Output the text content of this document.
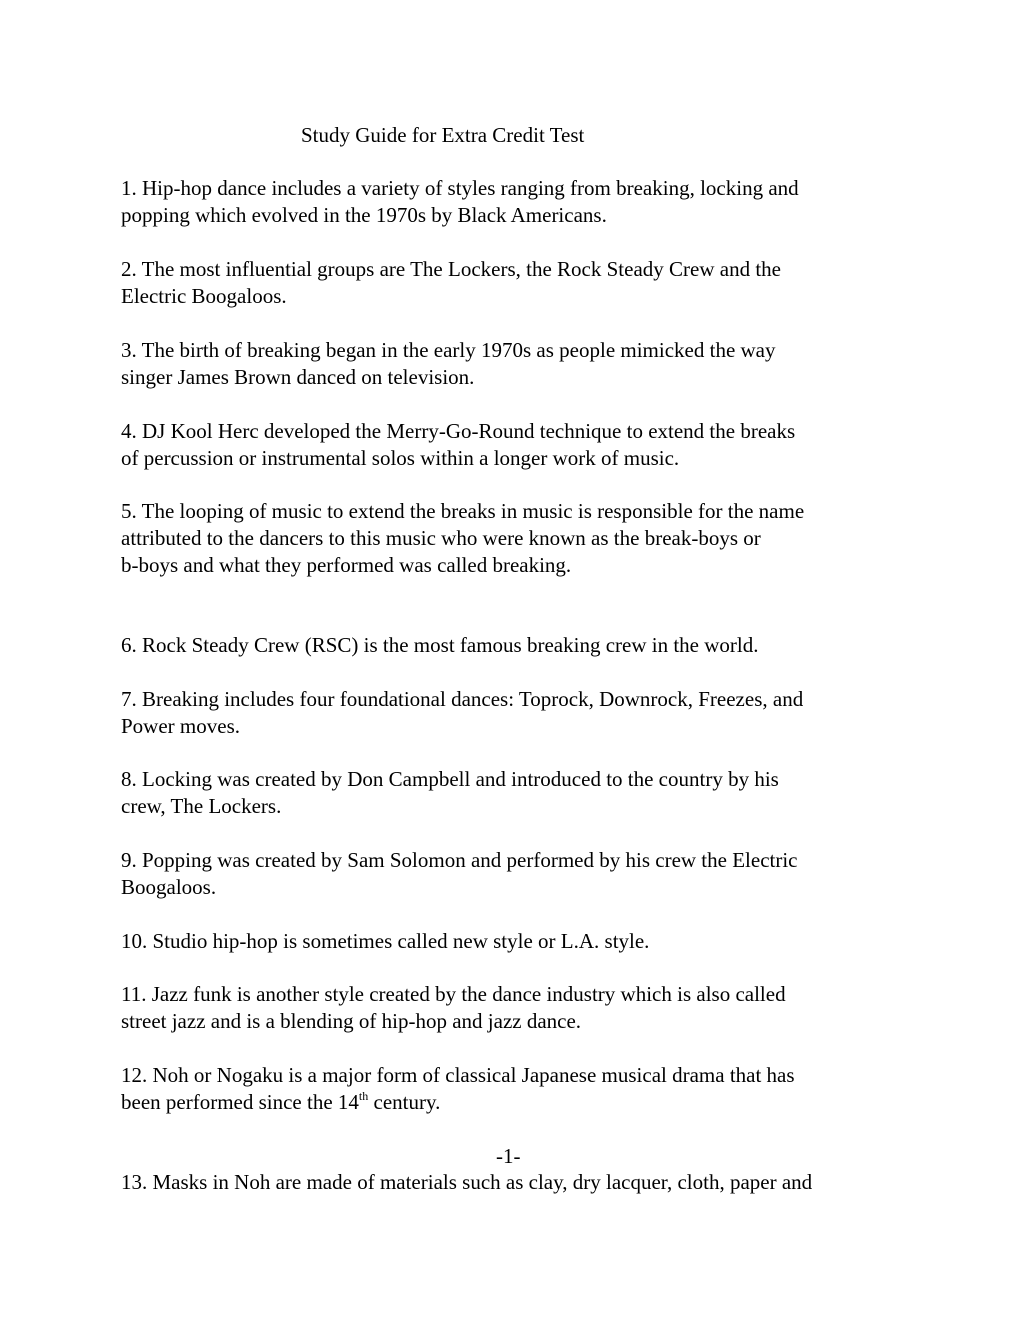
Study Guide for Extra Credit Test
1. Hip-hop dance includes a variety of styles ranging from breaking, locking and
popping which evolved in the 1970s by Black Americans.
2. The most influential groups are The Lockers, the Rock Steady Crew and the
Electric Boogaloos.
3. The birth of breaking began in the early 1970s as people mimicked the way
singer James Brown danced on television.
4. DJ Kool Herc developed the Merry-Go-Round technique to extend the breaks
of percussion or instrumental solos within a longer work of music.
5. The looping of music to extend the breaks in music is responsible for the name
attributed to the dancers to this music who were known as the break-boys or
b-boys and what they performed was called breaking.
6. Rock Steady Crew (RSC) is the most famous breaking crew in the world.
7. Breaking includes four foundational dances: Toprock, Downrock, Freezes, and
Power moves.
8. Locking was created by Don Campbell and introduced to the country by his
crew, The Lockers.
9. Popping was created by Sam Solomon and performed by his crew the Electric
Boogaloos.
10. Studio hip-hop is sometimes called new style or L.A. style.
11. Jazz funk is another style created by the dance industry which is also called
street jazz and is a blending of hip-hop and jazz dance.
12. Noh or Nogaku is a major form of classical Japanese musical drama that has
been performed since the 14th century.
-1-
13. Masks in Noh are made of materials such as clay, dry lacquer, cloth, paper and
